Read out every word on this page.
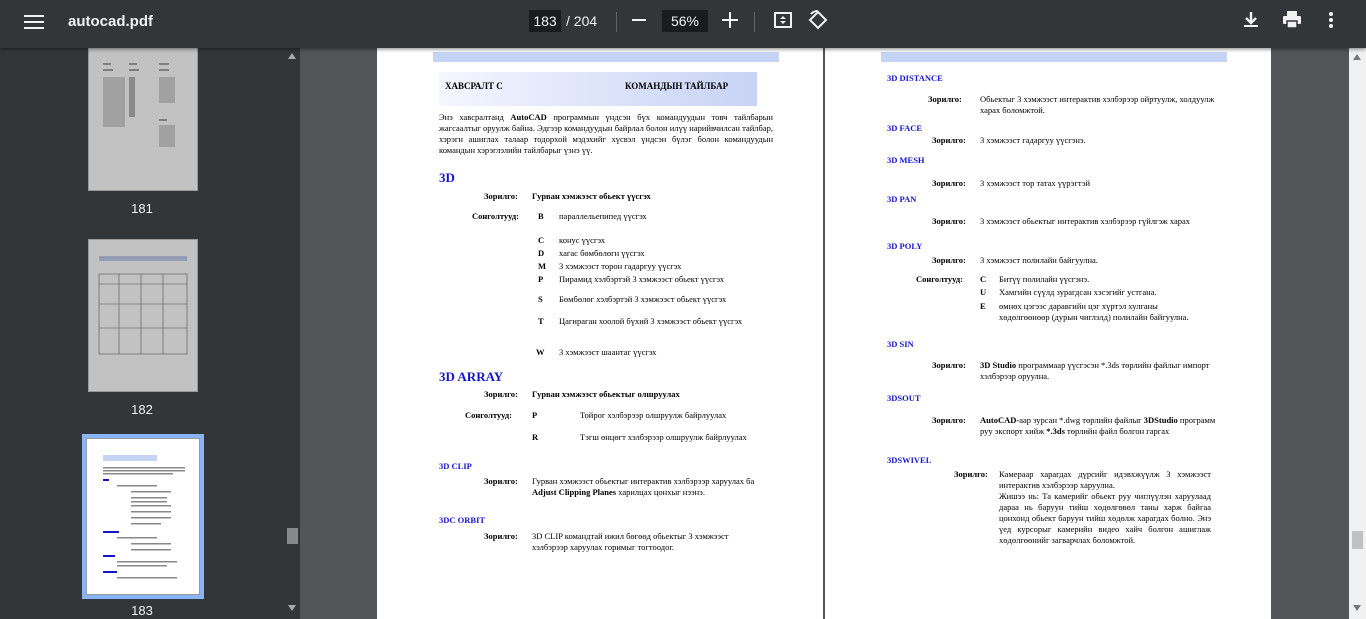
autocad.pdf	183 / 204	56%
181
182
183
ХАВСРАЛТ С	КОМАНДЫН ТАЙЛБАР
Энэ хавсралтанд AutoCAD программын үндсэн бүх командуудын товч тайлбарын жагсаалтыг оруулж байна. Эдгээр командуудын байрлал болон илүү нарийвчилсан тайлбар, хэрэгн ашиглах талаар тодорхой мэдэхийг хүсвэл үндсэн бүлэг болон командуудын командын хэрэглэлийн тайлбарыг үзнэ үү.
3D
Зорилго: Гурван хэмжээст обьект үүсгэх
Сонголтууд: B параллельепипед үүсгэх
C конус үүсгэх
D хагас бөмбөлөгн үүсгэх
M 3 хэмжээст торон гадаргуу үүсгэх
P Пирамид хэлбэртэй 3 хэмжээст обьект үүсгэх
S Бөмбөлөг хэлбэртэй 3 хэмжээст обьект үүсгэх
T Цагираган хоолой бүхий 3 хэмжээст обьект үүсгэх
W 3 хэмжээст шаантаг үүсгэх
3D ARRAY
Зорилго: Гурван хэмжээст обьектыг олшруулах
Сонголтууд: P	Тойрог хэлбэрээр олшруулж байрлуулах
R	Тэгш өнцөгт хэлбэрээр олшруулж байрлуулах
3D CLIP
Зорилго: Гурван хэмжээст обьектыг интерактив хэлбэрээр харуулах ба Adjust Clipping Planes харилцах цонхыг нээнэ.
3DC ORBIT
Зорилго: 3D CLIP командтай ижил бөгөөд обьектыг 3 хэмжээст хэлбэрээр харуулах горимыг тогтоодог.
3D DISTANCE
Зорилго: Обьектыг 3 хэмжээст интерактив хэлбэрээр ойртуулж, холдуулж харах боломжтой.
3D FACE
Зорилго: 3 хэмжээст гадаргуу үүсгэнэ.
3D MESH
Зорилго: 3 хэмжээст тор татах үүрэгтэй
3D PAN
Зорилго: 3 хэмжээст обьектыг интерактив хэлбэрээр гүйлгэж харах
3D POLY
Зорилго: 3 хэмжээст полилайн байгуулна.
Сонголтууд: C Битүү полилайн үүсгэнэ.
U Хамгийн сүүлд зурагдсан хэсэгийг устгана.
E өмнөх цэгээс даравгийн цэг хүртэл хулганы хөдөлгөөнөөр (дурын чиглэлд) полилайн байгуулна.
3D SIN
Зорилго: 3D Studio программаар үүсгэсэн *.3ds төрлийн файлыг импорт хэлбэрээр оруулна.
3DSOUT
Зорилго: AutoCAD-аар зурсан *.dwg төрлийн файлыг 3DStudio программ руу экспорт хийж *.3ds төрлийн файл болгон гаргах
3DSWIVEL
Зорилго: Камераар харагдах дүрсийг идэвхжүүлж 3 хэмжээст интерактив хэлбэрээр харуулна.
Жишээ нь: Та камерийг обьект руу чиглүүлэн харуулаад дараа нь баруун тийш хөдөлгөвөл таны харж байгаа цонхонд обьект баруун тийш хөдөлж харагдах болно. Энэ үед курсорыг камерийн видео хайч болгон ашиглаж хөдөлгөөнийг загварчлах боломжтой.
